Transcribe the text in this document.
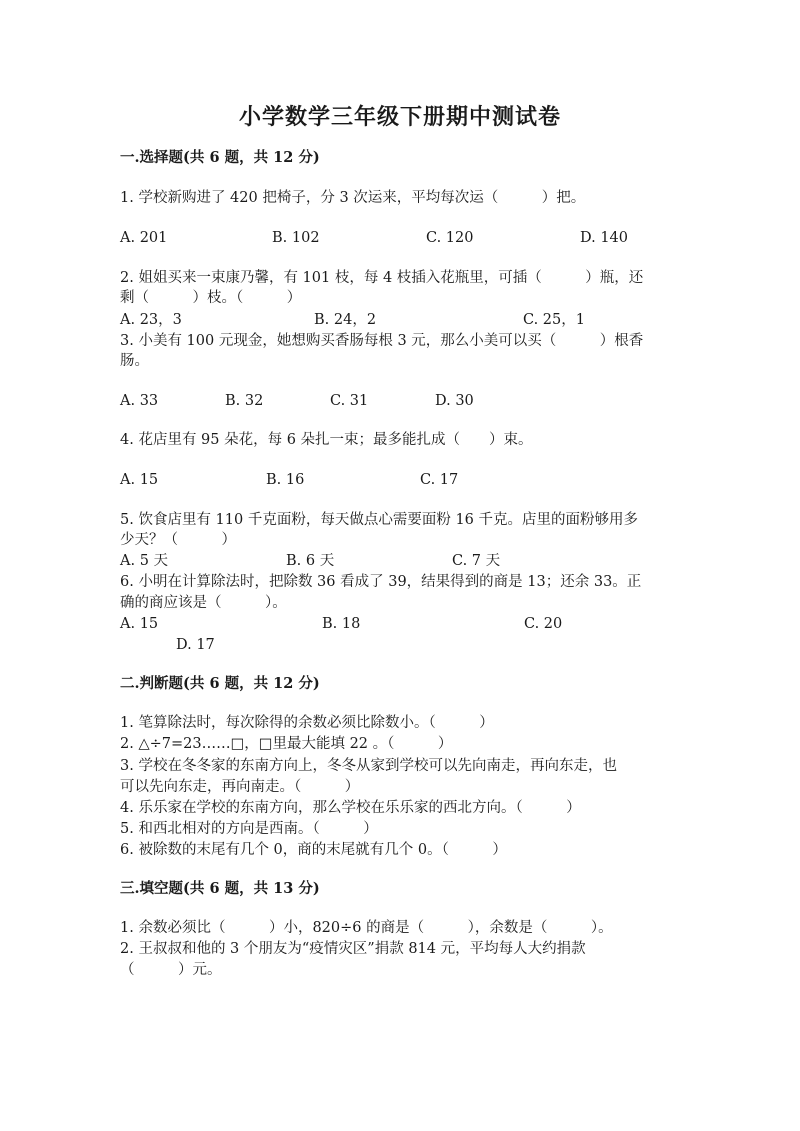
小学数学三年级下册期中测试卷
一.选择题(共 6 题，共 12 分)
1. 学校新购进了 420 把椅子，分 3 次运来，平均每次运（　　　）把。
A. 201	B. 102	C. 120	D. 140
2. 姐姐买来一束康乃馨，有 101 枝，每 4 枝插入花瓶里，可插（　　　）瓶，还
剩（　　　）枝。（　　　）
A. 23，3	B. 24，2	C. 25，1
3. 小美有 100 元现金，她想购买香肠每根 3 元，那么小美可以买（　　　）根香
肠。
A. 33	B. 32	C. 31	D. 30
4. 花店里有 95 朵花，每 6 朵扎一束；最多能扎成（　　）束。
A. 15	B. 16	C. 17
5. 饮食店里有 110 千克面粉，每天做点心需要面粉 16 千克。店里的面粉够用多
少天？（　　　）
A. 5 天	B. 6 天	C. 7 天
6. 小明在计算除法时，把除数 36 看成了 39，结果得到的商是 13；还余 33。正
确的商应该是（　　　）。
A. 15	B. 18	C. 20
D. 17
二.判断题(共 6 题，共 12 分)
1. 笔算除法时，每次除得的余数必须比除数小。（　　　）
2. △÷7=23……□，□里最大能填 22 。（　　　）
3. 学校在冬冬家的东南方向上，冬冬从家到学校可以先向南走，再向东走，也
可以先向东走，再向南走。（　　　）
4. 乐乐家在学校的东南方向，那么学校在乐乐家的西北方向。（　　　）
5. 和西北相对的方向是西南。（　　　）
6. 被除数的末尾有几个 0，商的末尾就有几个 0。（　　　）
三.填空题(共 6 题，共 13 分)
1. 余数必须比（　　　）小，820÷6 的商是（　　　），余数是（　　　）。
2. 王叔叔和他的 3 个朋友为“疫情灾区”捐款 814 元，平均每人大约捐款
（　　　）元。
